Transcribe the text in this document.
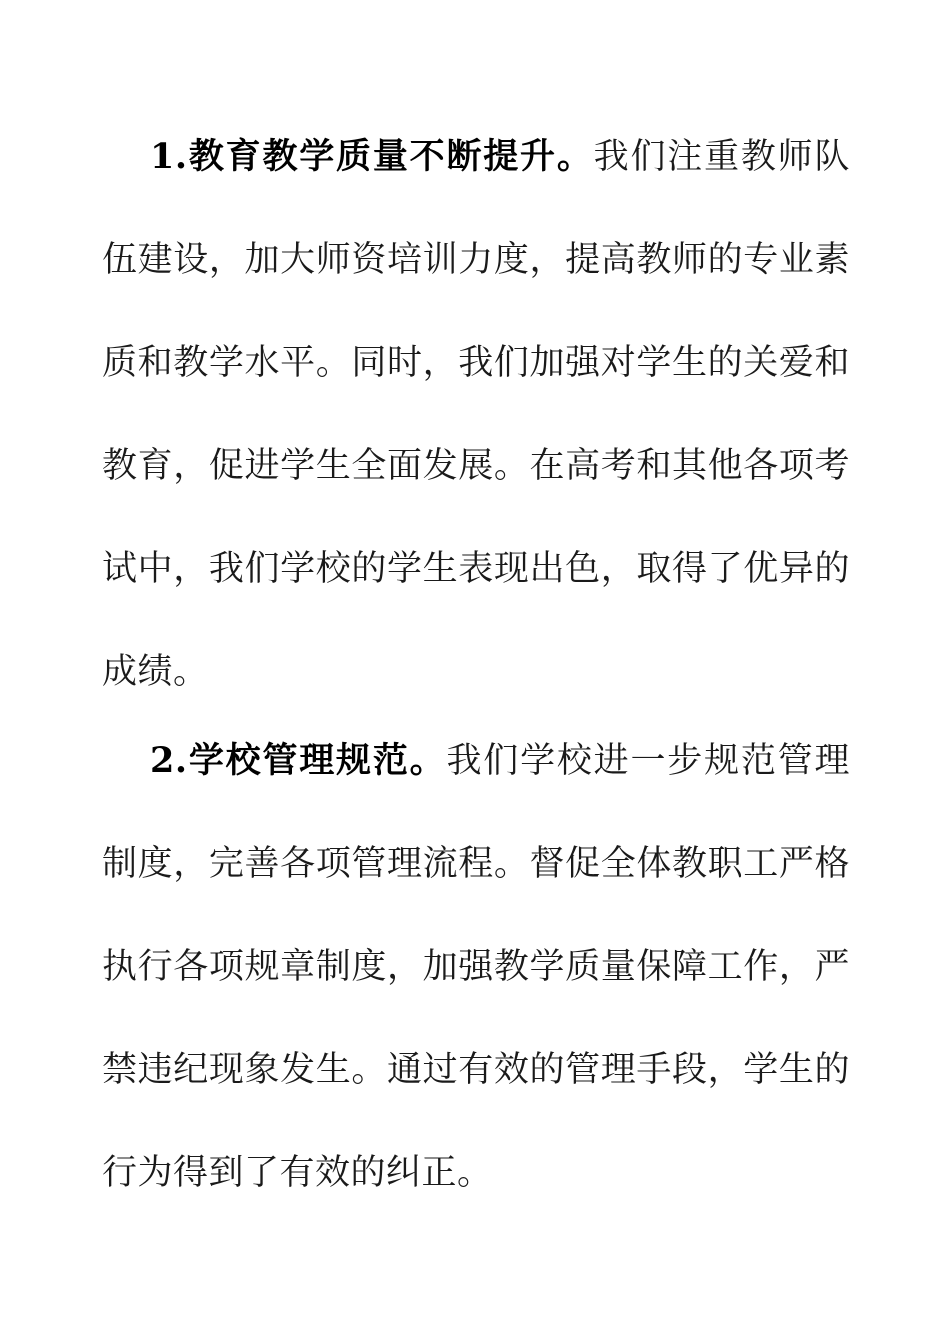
1.教育教学质量不断提升。我们注重教师队伍建设，加大师资培训力度，提高教师的专业素质和教学水平。同时，我们加强对学生的关爱和教育，促进学生全面发展。在高考和其他各项考试中，我们学校的学生表现出色，取得了优异的成绩。

2.学校管理规范。我们学校进一步规范管理制度，完善各项管理流程。督促全体教职工严格执行各项规章制度，加强教学质量保障工作，严禁违纪现象发生。通过有效的管理手段，学生的行为得到了有效的纠正。
